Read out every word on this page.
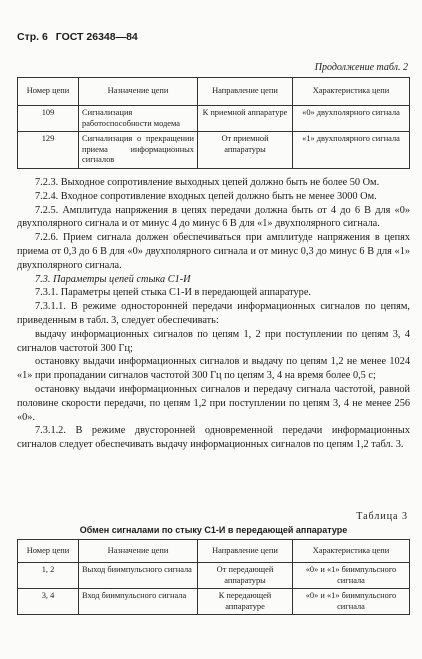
Стр. 6 ГОСТ 26348—84
Продолжение табл. 2
Номер цепи	Назначение цепи	Направление цепи	Характеристика цепи
109	Сигнализация работоспособности модема	К приемной аппаратуре	«0» двухполярного сигнала
129	Сигнализация о прекращении приема информационных сигналов	От приемной аппаратуры	«1» двухполярного сигнала

7.2.3. Выходное сопротивление выходных цепей должно быть не более 50 Ом.

7.2.4. Входное сопротивление входных цепей должно быть не менее 3000 Ом.

7.2.5. Амплитуда напряжения в цепях передачи должна быть от 4 до 6 В для «0» двухполярного сигнала и от минус 4 до минус 6 В для «1» двухполярного сигнала.

7.2.6. Прием сигнала должен обеспечиваться при амплитуде напряжения в цепях приема от 0,3 до 6 В для «0» двухполярного сигнала и от минус 0,3 до минус 6 В для «1» двухполярного сигнала.

7.3. Параметры цепей стыка С1-И

7.3.1. Параметры цепей стыка С1-И в передающей аппаратуре.

7.3.1.1. В режиме односторонней передачи информационных сигналов по цепям, приведенным в табл. 3, следует обеспечивать:

выдачу информационных сигналов по цепям 1, 2 при поступлении по цепям 3, 4 сигналов частотой 300 Гц;

остановку выдачи информационных сигналов и выдачу по цепям 1,2 не менее 1024 «1» при пропадании сигналов частотой 300 Гц по цепям 3, 4 на время более 0,5 с;

остановку выдачи информационных сигналов и передачу сигнала частотой, равной половине скорости передачи, по цепям 1,2 при поступлении по цепям 3, 4 не менее 256 «0».

7.3.1.2. В режиме двусторонней одновременной передачи информационных сигналов следует обеспечивать выдачу информационных сигналов по цепям 1,2 табл. 3.

Таблица 3
Обмен сигналами по стыку С1-И в передающей аппаратуре
Номер цепи	Назначение цепи	Направление цепи	Характеристика цепи
1, 2	Выход биимпульсного сигнала	От передающей аппаратуры	«0» и «1» биимпульсного сигнала
3, 4	Вход биимпульсного сигнала	К передающей аппаратуре	«0» и «1» биимпульсного сигнала
